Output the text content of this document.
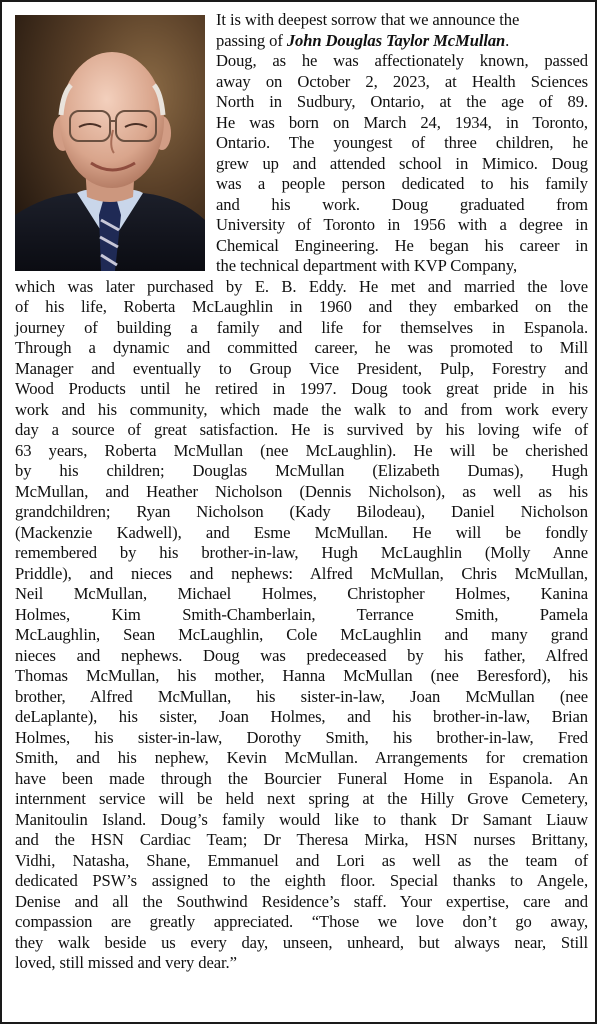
It is with deepest sorrow that we announce the
passing of John Douglas Taylor McMullan.
Doug, as he was affectionately known, passed
away on October 2, 2023, at Health Sciences
North in Sudbury, Ontario, at the age of 89.
He was born on March 24, 1934, in Toronto,
Ontario. The youngest of three children, he
grew up and attended school in Mimico. Doug
was a people person dedicated to his family
and his work. Doug graduated from
University of Toronto in 1956 with a degree in
Chemical Engineering. He began his career in
the technical department with KVP Company,
which was later purchased by E. B. Eddy. He met and married the love
of his life, Roberta McLaughlin in 1960 and they embarked on the
journey of building a family and life for themselves in Espanola.
Through a dynamic and committed career, he was promoted to Mill
Manager and eventually to Group Vice President, Pulp, Forestry and
Wood Products until he retired in 1997. Doug took great pride in his
work and his community, which made the walk to and from work every
day a source of great satisfaction. He is survived by his loving wife of
63 years, Roberta McMullan (nee McLaughlin). He will be cherished
by his children; Douglas McMullan (Elizabeth Dumas), Hugh
McMullan, and Heather Nicholson (Dennis Nicholson), as well as his
grandchildren; Ryan Nicholson (Kady Bilodeau), Daniel Nicholson
(Mackenzie Kadwell), and Esme McMullan. He will be fondly
remembered by his brother-in-law, Hugh McLaughlin (Molly Anne
Priddle), and nieces and nephews: Alfred McMullan, Chris McMullan,
Neil McMullan, Michael Holmes, Christopher Holmes, Kanina
Holmes, Kim Smith-Chamberlain, Terrance Smith, Pamela
McLaughlin, Sean McLaughlin, Cole McLaughlin and many grand
nieces and nephews. Doug was predeceased by his father, Alfred
Thomas McMullan, his mother, Hanna McMullan (nee Beresford), his
brother, Alfred McMullan, his sister-in-law, Joan McMullan (nee
deLaplante), his sister, Joan Holmes, and his brother-in-law, Brian
Holmes, his sister-in-law, Dorothy Smith, his brother-in-law, Fred
Smith, and his nephew, Kevin McMullan. Arrangements for cremation
have been made through the Bourcier Funeral Home in Espanola. An
internment service will be held next spring at the Hilly Grove Cemetery,
Manitoulin Island. Doug’s family would like to thank Dr Samant Liauw
and the HSN Cardiac Team; Dr Theresa Mirka, HSN nurses Brittany,
Vidhi, Natasha, Shane, Emmanuel and Lori as well as the team of
dedicated PSW’s assigned to the eighth floor. Special thanks to Angele,
Denise and all the Southwind Residence’s staff. Your expertise, care and
compassion are greatly appreciated. “Those we love don’t go away,
they walk beside us every day, unseen, unheard, but always near, Still
loved, still missed and very dear.”
